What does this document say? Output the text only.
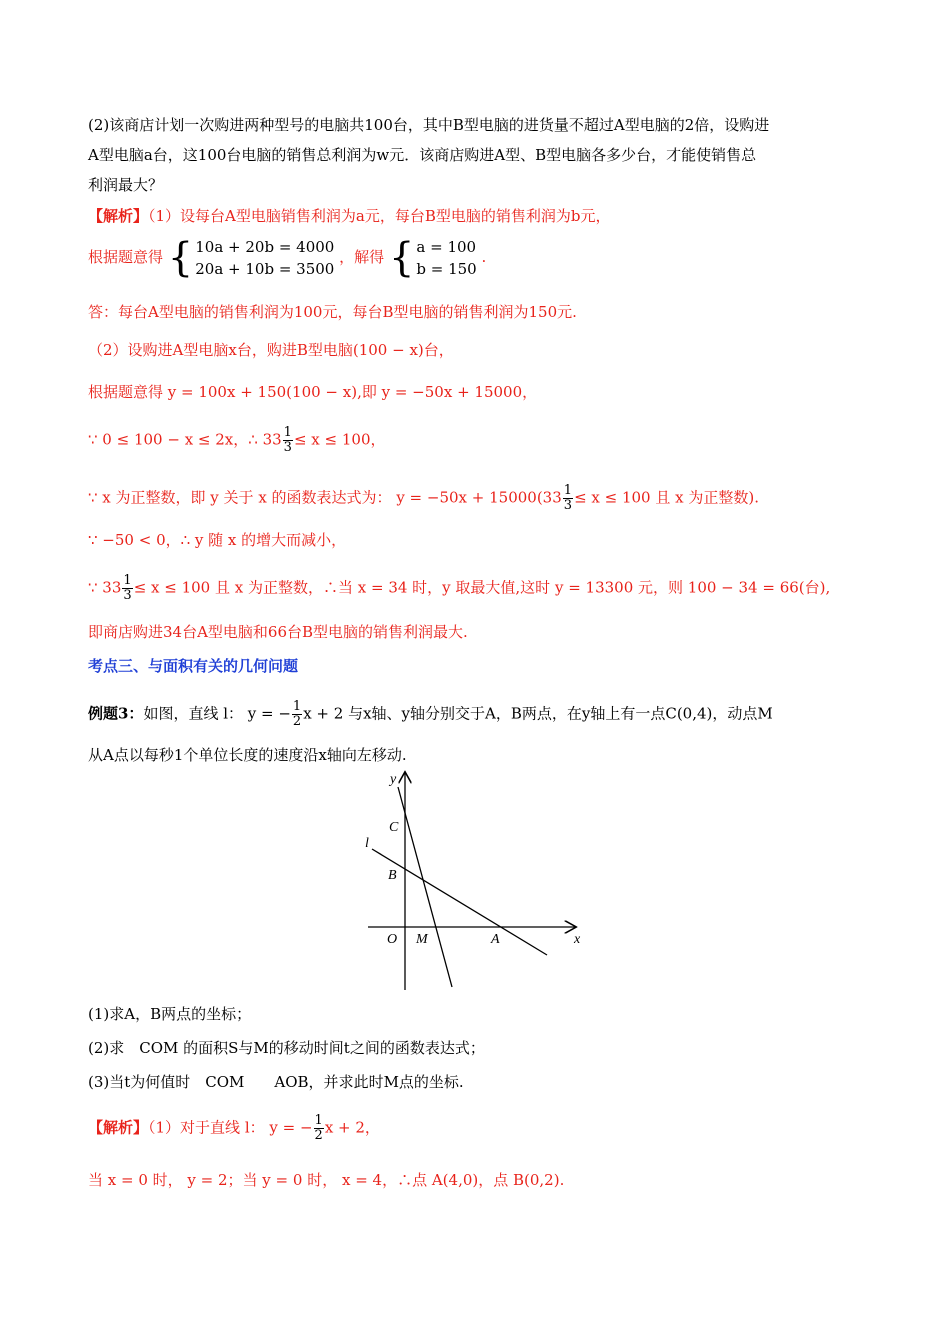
(2)该商店计划一次购进两种型号的电脑共100台，其中B型电脑的进货量不超过A型电脑的2倍，设购进
A型电脑a台，这100台电脑的销售总利润为w元．该商店购进A型、B型电脑各多少台，才能使销售总
利润最大？
【解析】（1）设每台A型电脑销售利润为a元，每台B型电脑的销售利润为b元，
根据题意得 { 10a + 20b = 4000
20a + 10b = 3500 ，解得 { a = 100
b = 150 .
答：每台A型电脑的销售利润为100元，每台B型电脑的销售利润为150元.
（2）设购进A型电脑x台，购进B型电脑(100 − x)台，
根据题意得 y = 100x + 150(100 − x),即 y = −50x + 15000，
∵ 0 ≤ 100 − x ≤ 2x，∴ $33 \frac{1}{3} \le x \le 100$，
∵ x 为正整数，即 y 关于 x 的函数表达式为： $y = -50x + 15000(33 \frac{1}{3} \le x \le 100$ 且 x 为正整数).
∵ −50 < 0，∴ y 随 x 的增大而减小，
∵ $33 \frac{1}{3} \le x \le 100$ 且 x 为正整数，∴当 x = 34 时，y 取最大值,这时 y = 13300 元，则 100 − 34 = 66(台),
即商店购进34台A型电脑和66台B型电脑的销售利润最大.
考点三、与面积有关的几何问题
例题3：如图，直线 l： y = − $\frac{1}{2}$ x + 2 与x轴、y轴分别交于A，B两点，在y轴上有一点C(0,4)，动点M
从A点以每秒1个单位长度的速度沿x轴向左移动.
y
x
C
l
B
O M	A
(1)求A，B两点的坐标；
(2)求　COM 的面积S与M的移动时间t之间的函数表达式；
(3)当t为何值时　COM　　AOB，并求此时M点的坐标.
【解析】（1）对于直线 l： y = − $\frac{1}{2}$ x + 2，
当 x = 0 时， y = 2；当 y = 0 时， x = 4，∴点 A(4,0)，点 B(0,2).
